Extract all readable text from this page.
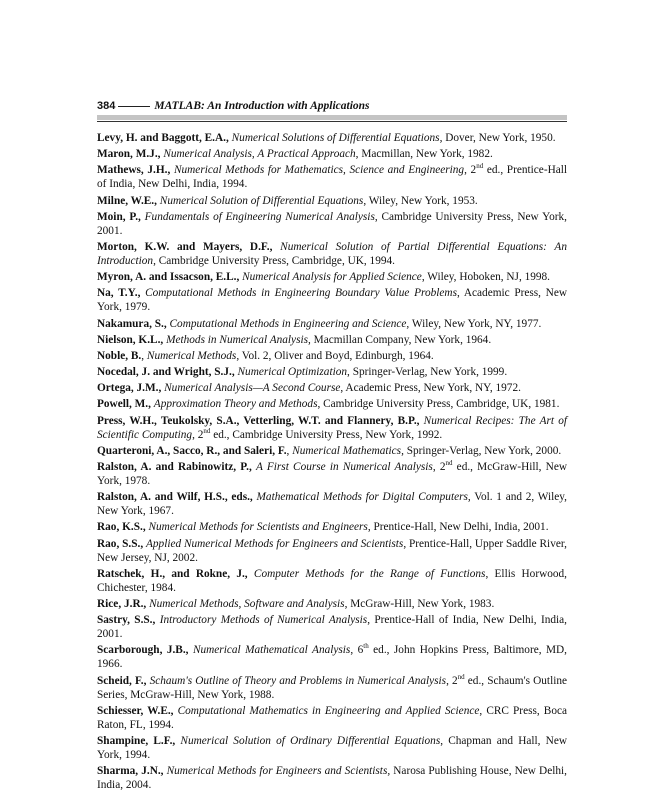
384	MATLAB: An Introduction with Applications
Levy, H. and Baggott, E.A., Numerical Solutions of Differential Equations, Dover, New York, 1950.
Maron, M.J., Numerical Analysis, A Practical Approach, Macmillan, New York, 1982.
Mathews, J.H., Numerical Methods for Mathematics, Science and Engineering, 2nd ed., Prentice-Hall of India, New Delhi, India, 1994.
Milne, W.E., Numerical Solution of Differential Equations, Wiley, New York, 1953.
Moin, P., Fundamentals of Engineering Numerical Analysis, Cambridge University Press, New York, 2001.
Morton, K.W. and Mayers, D.F., Numerical Solution of Partial Differential Equations: An Introduction, Cambridge University Press, Cambridge, UK, 1994.
Myron, A. and Issacson, E.L., Numerical Analysis for Applied Science, Wiley, Hoboken, NJ, 1998.
Na, T.Y., Computational Methods in Engineering Boundary Value Problems, Academic Press, New York, 1979.
Nakamura, S., Computational Methods in Engineering and Science, Wiley, New York, NY, 1977.
Nielson, K.L., Methods in Numerical Analysis, Macmillan Company, New York, 1964.
Noble, B., Numerical Methods, Vol. 2, Oliver and Boyd, Edinburgh, 1964.
Nocedal, J. and Wright, S.J., Numerical Optimization, Springer-Verlag, New York, 1999.
Ortega, J.M., Numerical Analysis—A Second Course, Academic Press, New York, NY, 1972.
Powell, M., Approximation Theory and Methods, Cambridge University Press, Cambridge, UK, 1981.
Press, W.H., Teukolsky, S.A., Vetterling, W.T. and Flannery, B.P., Numerical Recipes: The Art of Scientific Computing, 2nd ed., Cambridge University Press, New York, 1992.
Quarteroni, A., Sacco, R., and Saleri, F., Numerical Mathematics, Springer-Verlag, New York, 2000.
Ralston, A. and Rabinowitz, P., A First Course in Numerical Analysis, 2nd ed., McGraw-Hill, New York, 1978.
Ralston, A. and Wilf, H.S., eds., Mathematical Methods for Digital Computers, Vol. 1 and 2, Wiley, New York, 1967.
Rao, K.S., Numerical Methods for Scientists and Engineers, Prentice-Hall, New Delhi, India, 2001.
Rao, S.S., Applied Numerical Methods for Engineers and Scientists, Prentice-Hall, Upper Saddle River, New Jersey, NJ, 2002.
Ratschek, H., and Rokne, J., Computer Methods for the Range of Functions, Ellis Horwood, Chichester, 1984.
Rice, J.R., Numerical Methods, Software and Analysis, McGraw-Hill, New York, 1983.
Sastry, S.S., Introductory Methods of Numerical Analysis, Prentice-Hall of India, New Delhi, India, 2001.
Scarborough, J.B., Numerical Mathematical Analysis, 6th ed., John Hopkins Press, Baltimore, MD, 1966.
Scheid, F., Schaum's Outline of Theory and Problems in Numerical Analysis, 2nd ed., Schaum's Outline Series, McGraw-Hill, New York, 1988.
Schiesser, W.E., Computational Mathematics in Engineering and Applied Science, CRC Press, Boca Raton, FL, 1994.
Shampine, L.F., Numerical Solution of Ordinary Differential Equations, Chapman and Hall, New York, 1994.
Sharma, J.N., Numerical Methods for Engineers and Scientists, Narosa Publishing House, New Delhi, India, 2004.
